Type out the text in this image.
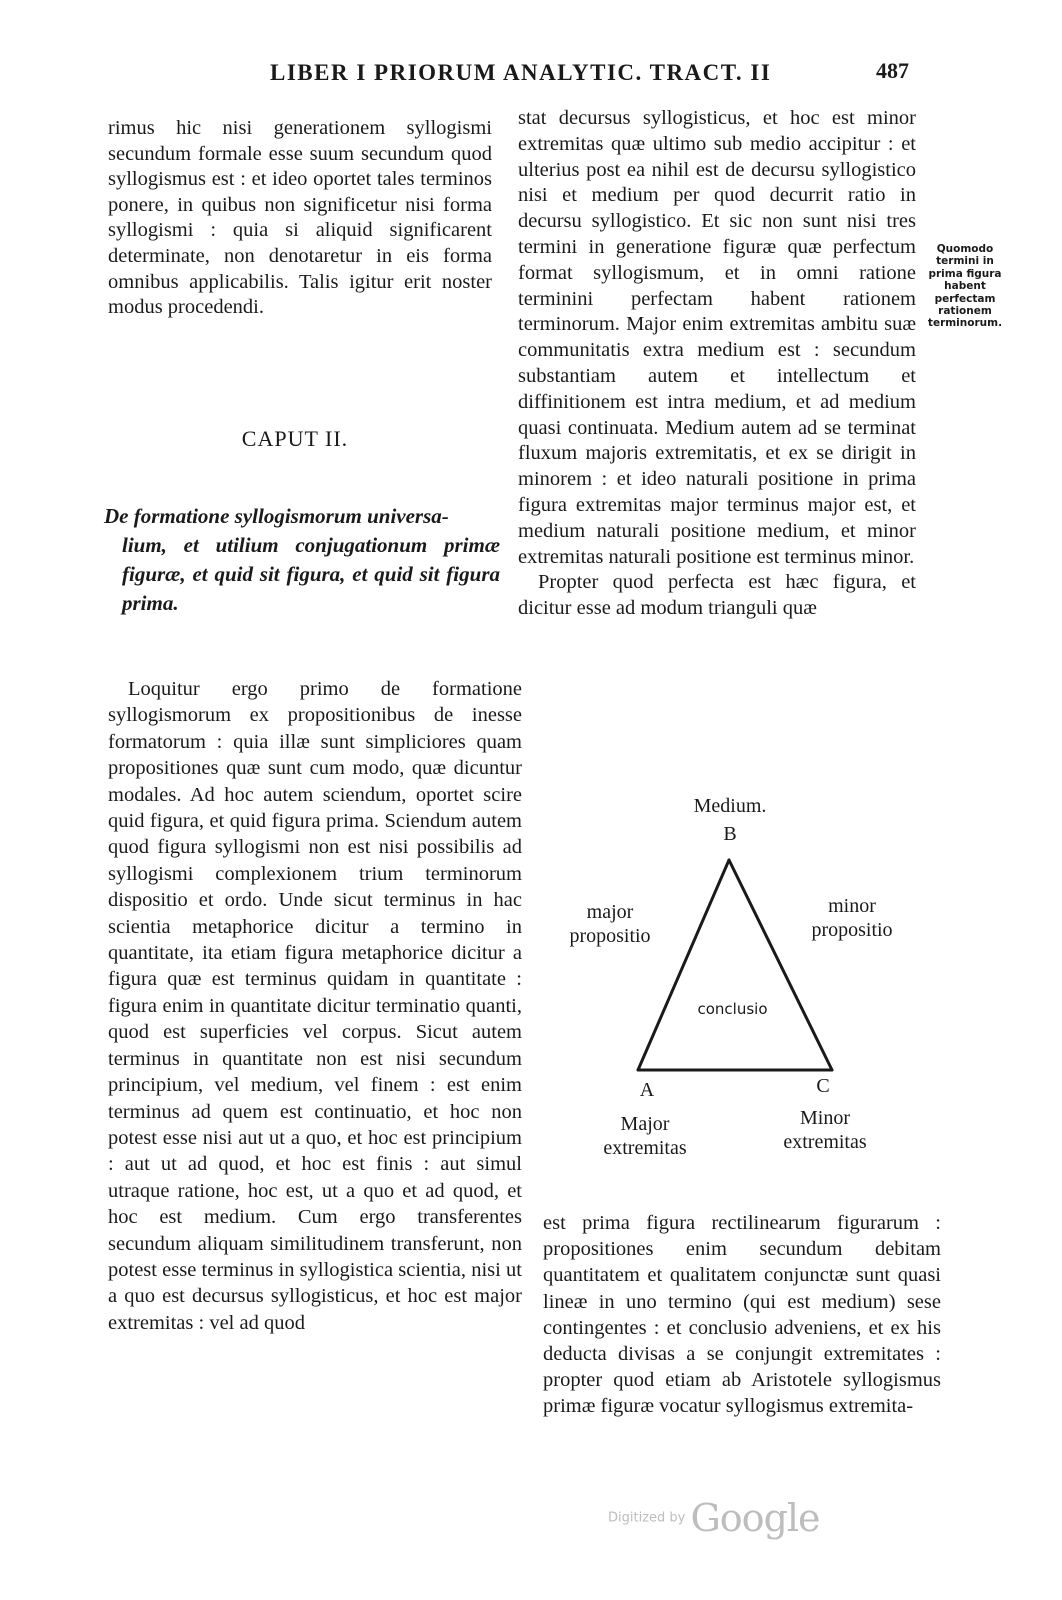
LIBER I PRIORUM ANALYTIC. TRACT. II	487

rimus hic nisi generationem syllogismi secundum formale esse suum secundum quod syllogismus est : et ideo oportet tales terminos ponere, in quibus non significetur nisi forma syllogismi : quia si aliquid significarent determinate, non denotaretur in eis forma omnibus applicabilis. Talis igitur erit noster modus procedendi.

CAPUT II.
De formatione syllogismorum universa-
lium, et utilium conjugationum primæ figuræ, et quid sit figura, et quid sit figura prima.

Loquitur ergo primo de formatione syllogismorum ex propositionibus de inesse formatorum : quia illæ sunt simpliciores quam propositiones quæ sunt cum modo, quæ dicuntur modales. Ad hoc autem sciendum, oportet scire quid figura, et quid figura prima. Sciendum autem quod figura syllogismi non est nisi possibilis ad syllogismi complexionem trium terminorum dispositio et ordo. Unde sicut terminus in hac scientia metaphorice dicitur a termino in quantitate, ita etiam figura metaphorice dicitur a figura quæ est terminus quidam in quantitate : figura enim in quantitate dicitur terminatio quanti, quod est superficies vel corpus. Sicut autem terminus in quantitate non est nisi secundum principium, vel medium, vel finem : est enim terminus ad quem est continuatio, et hoc non potest esse nisi aut ut a quo, et hoc est principium : aut ut ad quod, et hoc est finis : aut simul utraque ratione, hoc est, ut a quo et ad quod, et hoc est medium. Cum ergo transferentes secundum aliquam similitudinem transferunt, non potest esse terminus in syllogistica scientia, nisi ut a quo est decursus syllogisticus, et hoc est major extremitas : vel ad quod

stat decursus syllogisticus, et hoc est minor extremitas quæ ultimo sub medio accipitur : et ulterius post ea nihil est de decursu syllogistico nisi et medium per quod decurrit ratio in decursu syllogistico. Et sic non sunt nisi tres termini in generatione figuræ quæ perfectum format syllogismum, et in omni ratione terminini perfectam habent rationem terminorum. Major enim extremitas ambitu suæ communitatis extra medium est : secundum substantiam autem et intellectum et diffinitionem est intra medium, et ad medium quasi continuata. Medium autem ad se terminat fluxum majoris extremitatis, et ex se dirigit in minorem : et ideo naturali positione in prima figura extremitas major terminus major est, et medium naturali positione medium, et minor extremitas naturali positione est terminus minor.

Propter quod perfecta est hæc figura, et dicitur esse ad modum trianguli quæ

Quomodo termini in prima figura habent perfectam rationem terminorum.
Medium.
B
major
propositio
minor
propositio
conclusio
A	C
Major
extremitas
Minor
extremitas

est prima figura rectilinearum figurarum : propositiones enim secundum debitam quantitatem et qualitatem conjunctæ sunt quasi lineæ in uno termino (qui est medium) sese contingentes : et conclusio adveniens, et ex his deducta divisas a se conjungit extremitates : propter quod etiam ab Aristotele syllogismus primæ figuræ vocatur syllogismus extremita-

Digitized by Google
